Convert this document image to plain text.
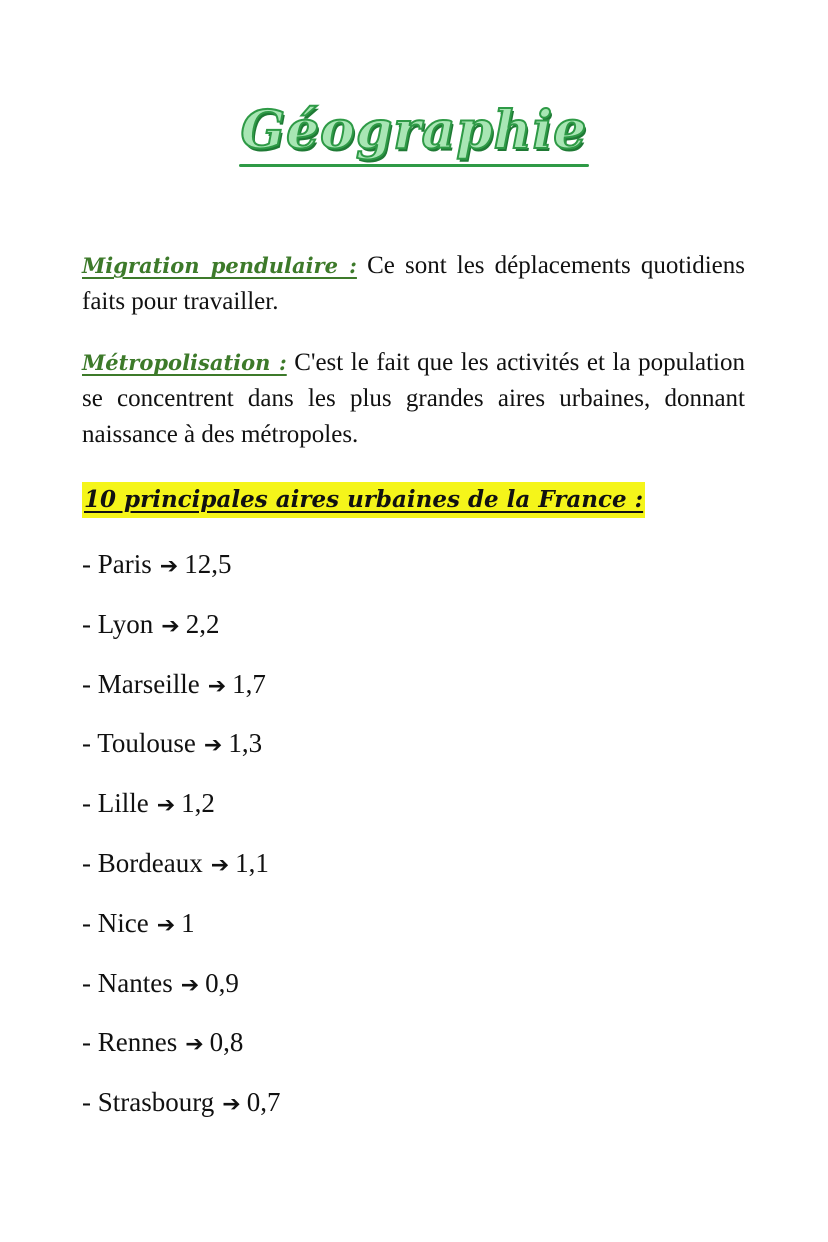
Géographie

Migration pendulaire : Ce sont les déplacements quotidiens faits pour travailler.

Métropolisation : C'est le fait que les activités et la population se concentrent dans les plus grandes aires urbaines, donnant naissance à des métropoles.

10 principales aires urbaines de la France :
- Paris ➔ 12,5
- Lyon ➔ 2,2
- Marseille ➔ 1,7
- Toulouse ➔ 1,3
- Lille ➔ 1,2
- Bordeaux ➔ 1,1
- Nice ➔ 1
- Nantes ➔ 0,9
- Rennes ➔ 0,8
- Strasbourg ➔ 0,7
